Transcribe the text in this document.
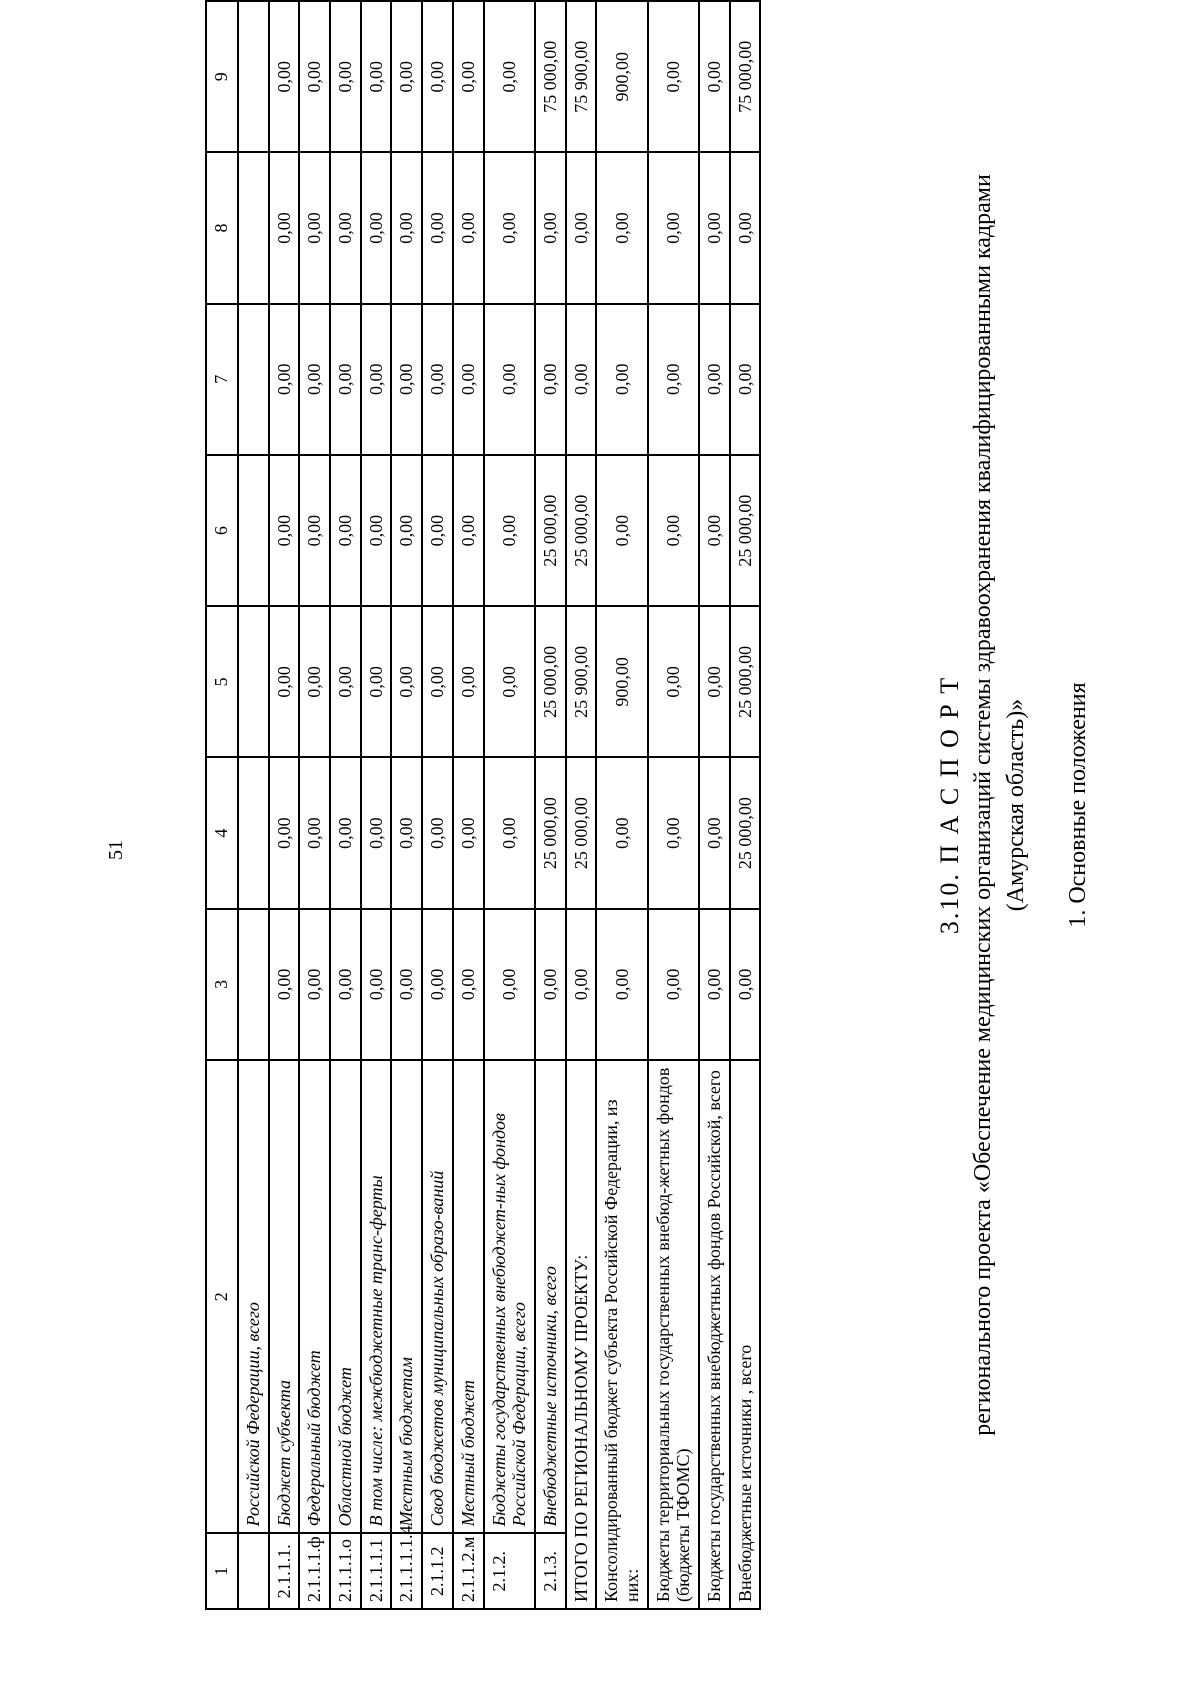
51
1	2	3	4	5	6	7	8	9
	Российской Федерации, всего							
2.1.1.1.	Бюджет субъекта	0,00	0,00	0,00	0,00	0,00	0,00	0,00
2.1.1.1.ф	Федеральный бюджет	0,00	0,00	0,00	0,00	0,00	0,00	0,00
2.1.1.1.о	Областной бюджет	0,00	0,00	0,00	0,00	0,00	0,00	0,00
2.1.1.1.1	В том числе: межбюджетные транс-ферты	0,00	0,00	0,00	0,00	0,00	0,00	0,00
2.1.1.1.1.4	Местным бюджетам	0,00	0,00	0,00	0,00	0,00	0,00	0,00
2.1.1.2	Свод бюджетов муниципальных образо-ваний	0,00	0,00	0,00	0,00	0,00	0,00	0,00
2.1.1.2.м	Местный бюджет	0,00	0,00	0,00	0,00	0,00	0,00	0,00
2.1.2.	Бюджеты государственных внебюджет-ных фондов Российской Федерации, всего	0,00	0,00	0,00	0,00	0,00	0,00	0,00
2.1.3.	Внебюджетные источники, всего	0,00	25 000,00	25 000,00	25 000,00	0,00	0,00	75 000,00
ИТОГО ПО РЕГИОНАЛЬНОМУ ПРОЕКТУ:		0,00	25 000,00	25 900,00	25 000,00	0,00	0,00	75 900,00
Консолидированный бюджет субъекта Российской Федерации, из них:		0,00	0,00	900,00	0,00	0,00	0,00	900,00
Бюджеты территориальных государственных внебюд-жетных фондов (бюджеты ТФОМС)		0,00	0,00	0,00	0,00	0,00	0,00	0,00
Бюджеты государственных внебюджетных фондов Российской, всего		0,00	0,00	0,00	0,00	0,00	0,00	0,00
Внебюджетные источники , всего		0,00	25 000,00	25 000,00	25 000,00	0,00	0,00	75 000,00
3.10. П А С П О Р Т регионального проекта «Обеспечение медицинских организаций системы здравоохранения квалифицированными кадрами (Амурская область)» 1. Основные положения
